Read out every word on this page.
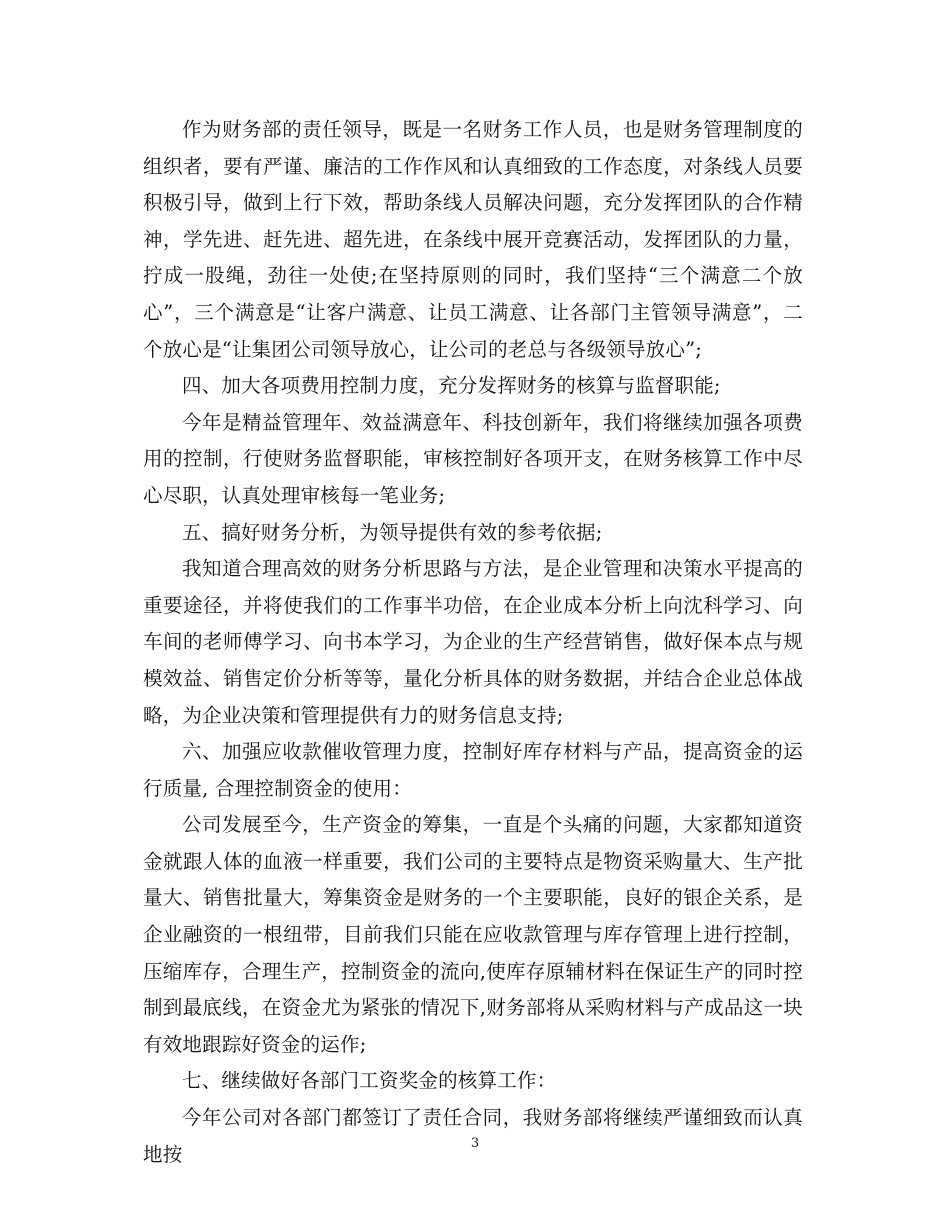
作为财务部的责任领导，既是一名财务工作人员，也是财务管理制度的组织者，要有严谨、廉洁的工作作风和认真细致的工作态度，对条线人员要积极引导，做到上行下效，帮助条线人员解决问题，充分发挥团队的合作精神，学先进、赶先进、超先进，在条线中展开竞赛活动，发挥团队的力量，拧成一股绳，劲往一处使;在坚持原则的同时，我们坚持“三个满意二个放心”，三个满意是“让客户满意、让员工满意、让各部门主管领导满意”，二个放心是“让集团公司领导放心，让公司的老总与各级领导放心”;

四、加大各项费用控制力度，充分发挥财务的核算与监督职能;

今年是精益管理年、效益满意年、科技创新年，我们将继续加强各项费用的控制，行使财务监督职能，审核控制好各项开支，在财务核算工作中尽心尽职，认真处理审核每一笔业务;

五、搞好财务分析，为领导提供有效的参考依据;

我知道合理高效的财务分析思路与方法，是企业管理和决策水平提高的重要途径，并将使我们的工作事半功倍，在企业成本分析上向沈科学习、向车间的老师傅学习、向书本学习，为企业的生产经营销售，做好保本点与规模效益、销售定价分析等等，量化分析具体的财务数据，并结合企业总体战略，为企业决策和管理提供有力的财务信息支持;

六、加强应收款催收管理力度，控制好库存材料与产品，提高资金的运行质量, 合理控制资金的使用：

公司发展至今，生产资金的筹集，一直是个头痛的问题，大家都知道资金就跟人体的血液一样重要，我们公司的主要特点是物资采购量大、生产批量大、销售批量大，筹集资金是财务的一个主要职能，良好的银企关系，是企业融资的一根纽带，目前我们只能在应收款管理与库存管理上进行控制，压缩库存，合理生产，控制资金的流向,使库存原辅材料在保证生产的同时控制到最底线，在资金尤为紧张的情况下,财务部将从采购材料与产成品这一块有效地跟踪好资金的运作;

七、继续做好各部门工资奖金的核算工作：

今年公司对各部门都签订了责任合同，我财务部将继续严谨细致而认真地按	3
